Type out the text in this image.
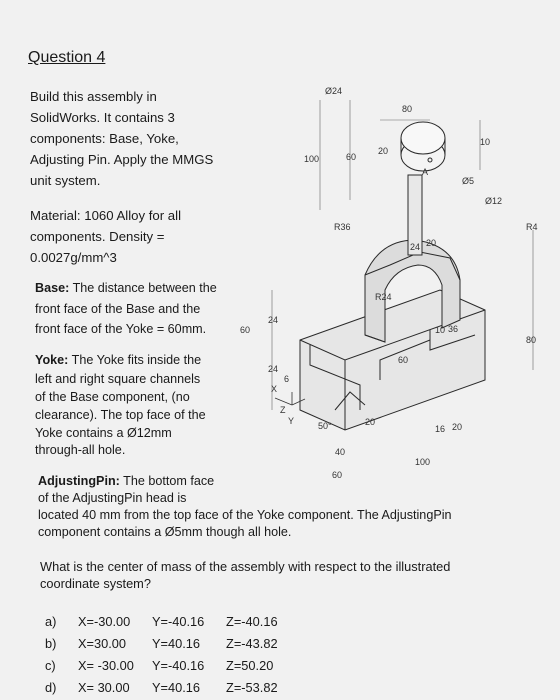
Question 4
Build this assembly in
SolidWorks. It contains 3
components: Base, Yoke,
Adjusting Pin. Apply the MMGS
unit system.
Material: 1060 Alloy for all
components. Density =
0.0027g/mm^3
Base: The distance between the
front face of the Base and the
front face of the Yoke = 60mm.
Yoke: The Yoke fits inside the
left and right square channels
of the Base component, (no
clearance). The top face of the
Yoke contains a Ø12mm
through-all hole.
AdjustingPin: The bottom face
of the AdjustingPin head is
located 40 mm from the top face of the Yoke component. The AdjustingPin
component contains a Ø5mm though all hole.
What is the center of mass of the assembly with respect to the illustrated
coordinate system?
a) X=-30.00 Y=-40.16 Z=-40.16
b) X=30.00 Y=40.16 Z=-43.82
c) X= -30.00 Y=-40.16 Z=50.20
d) X= 30.00 Y=40.16 Z=-53.82
Ø24
80
100	60
20
10
Ø5
Ø12
R36	R4
24 20
R24
10 36
80
60
24
24
6
X
Z
Y	50°	20
40
60
16 20
100
60
A
